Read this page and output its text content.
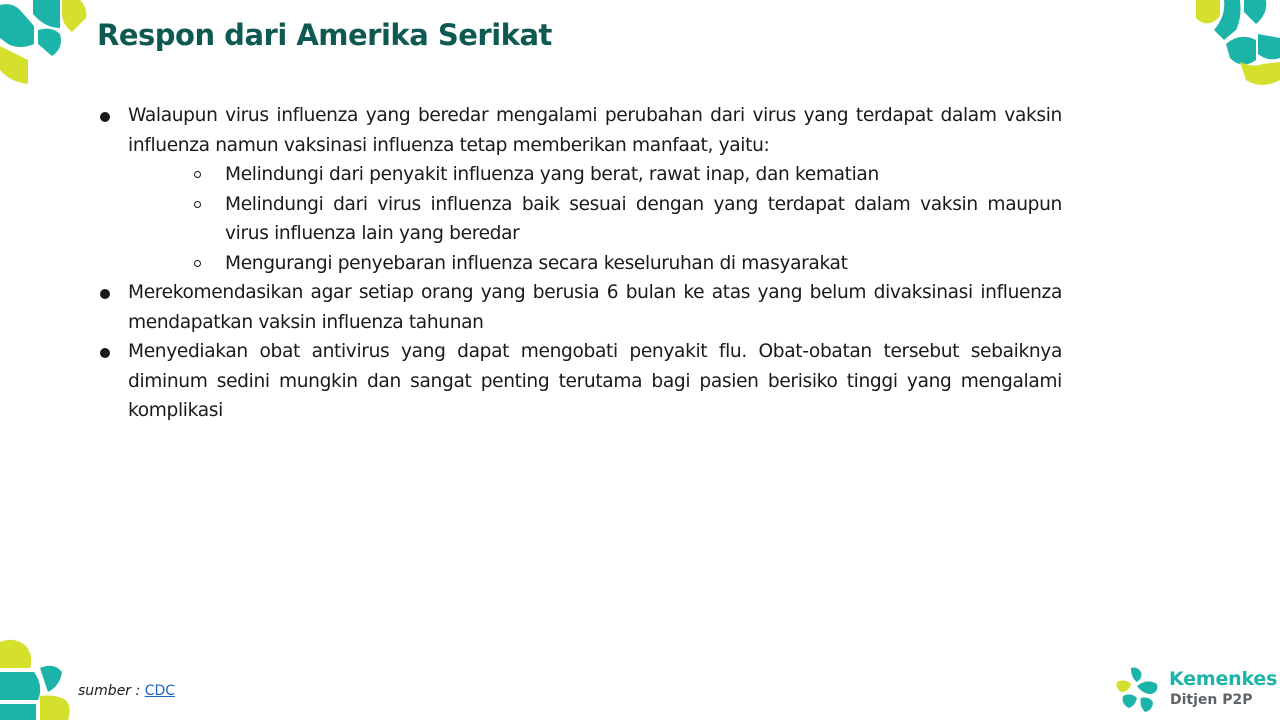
Respon dari Amerika Serikat
Walaupun virus influenza yang beredar mengalami perubahan dari virus yang terdapat dalam vaksin influenza namun vaksinasi influenza tetap memberikan manfaat, yaitu:
Melindungi dari penyakit influenza yang berat, rawat inap, dan kematian
Melindungi dari virus influenza baik sesuai dengan yang terdapat dalam vaksin maupun virus influenza lain yang beredar
Mengurangi penyebaran influenza secara keseluruhan di masyarakat
Merekomendasikan agar setiap orang yang berusia 6 bulan ke atas yang belum divaksinasi influenza mendapatkan vaksin influenza tahunan
Menyediakan obat antivirus yang dapat mengobati penyakit flu. Obat-obatan tersebut sebaiknya diminum sedini mungkin dan sangat penting terutama bagi pasien berisiko tinggi yang mengalami komplikasi
sumber : CDC
Kemenkes
Ditjen P2P
